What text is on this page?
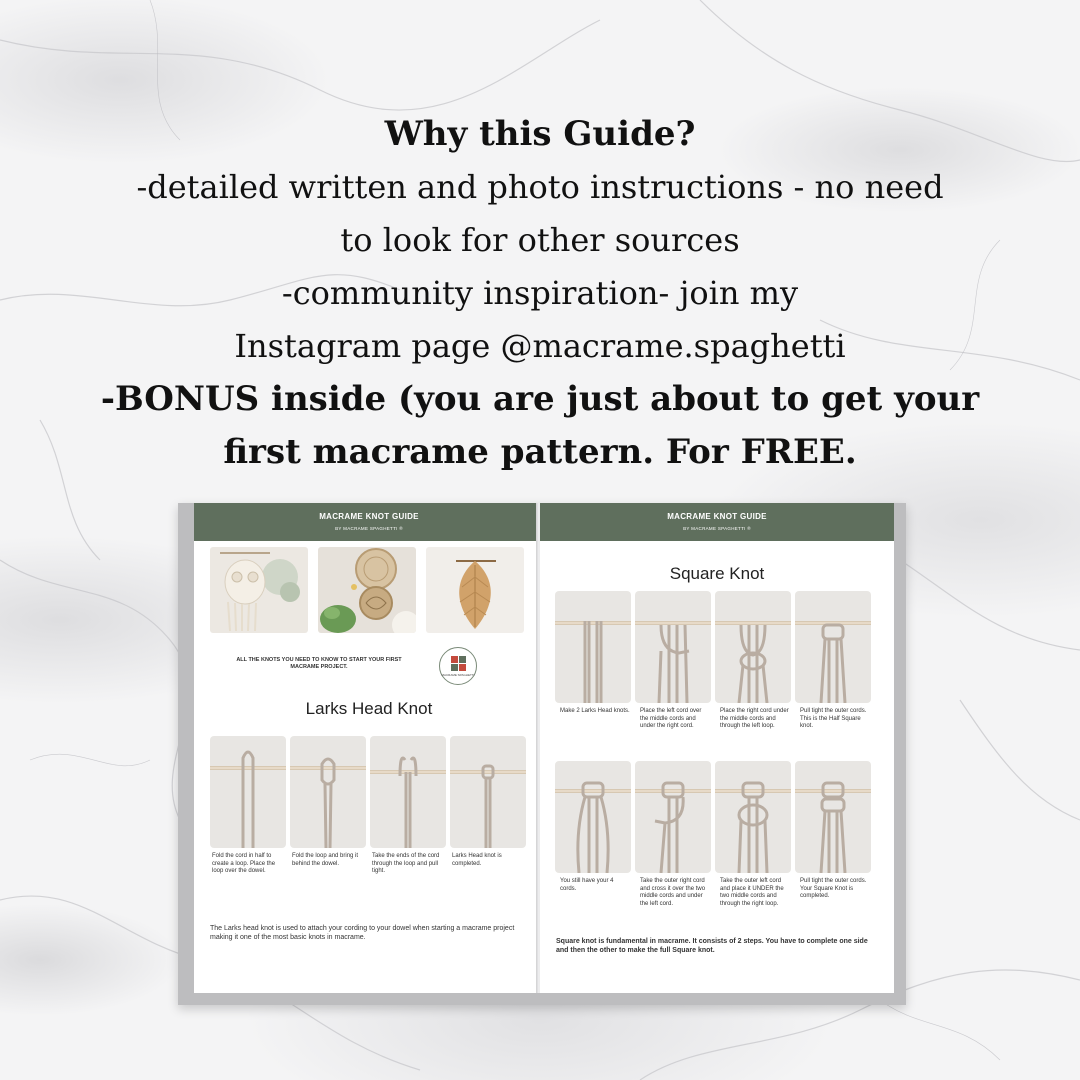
Why this Guide?
-detailed written and photo instructions - no need
to look for other sources
-community inspiration- join my
Instagram page @macrame.spaghetti
-BONUS inside (you are just about to get your
first macrame pattern. For FREE.
MACRAME KNOT GUIDE
BY MACRAME SPAGHETTI ®
ALL THE KNOTS YOU NEED TO KNOW TO START YOUR FIRST MACRAME PROJECT.
MACRAME SPAGHETTI
Larks Head Knot
Fold the cord in half to create a loop. Place the loop over the dowel.
Fold the loop and bring it behind the dowel.
Take the ends of the cord through the loop and pull tight.
Larks Head knot is completed.
The Larks head knot is used to attach your cording to your dowel when starting a macrame project making it one of the most basic knots in macrame.
MACRAME KNOT GUIDE
BY MACRAME SPAGHETTI ®
Square Knot
Make 2 Larks Head knots. Place the left cord over the middle cords and under the right cord.
Place the right cord under the middle cords and through the left loop.
Pull tight the outer cords. This is the Half Square knot.
You still have your 4 cords.
Take the outer right cord and cross it over the two middle cords and under the left cord.
Take the outer left cord and place it UNDER the two middle cords and through the right loop.
Pull tight the outer cords. Your Square Knot is completed.
Square knot is fundamental in macrame. It consists of 2 steps. You have to complete one side and then the other to make the full Square knot.
